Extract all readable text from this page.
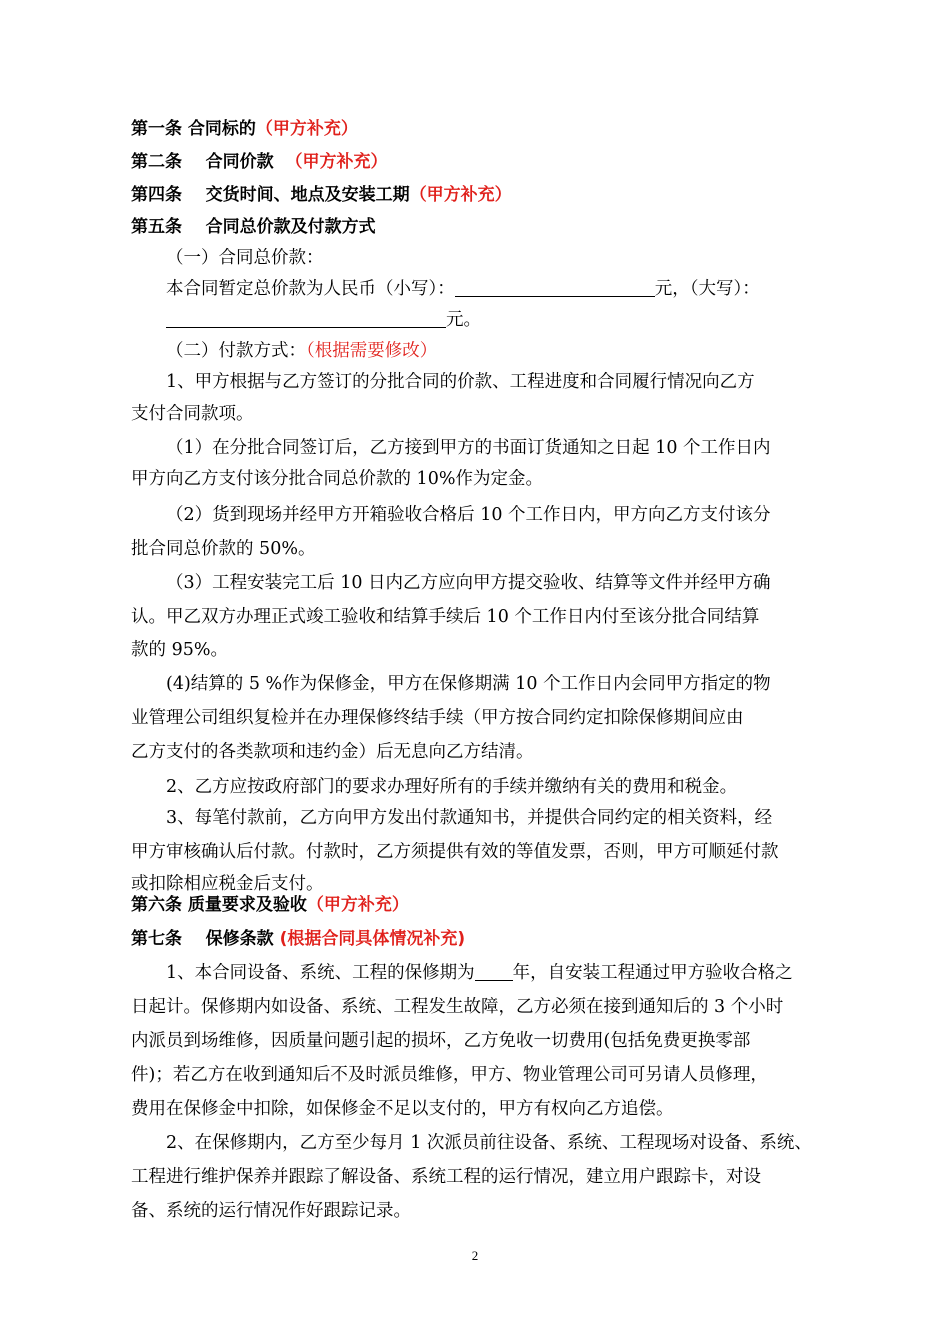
第一条 合同标的（甲方补充）
第二条    合同价款  （甲方补充）
第四条    交货时间、地点及安装工期（甲方补充）
第五条    合同总价款及付款方式
（一）合同总价款：
本合同暂定总价款为人民币（小写）：	元，（大写）：
元。
（二）付款方式：（根据需要修改）
1、甲方根据与乙方签订的分批合同的价款、工程进度和合同履行情况向乙方
支付合同款项。
（1）在分批合同签订后，乙方接到甲方的书面订货通知之日起 10 个工作日内
甲方向乙方支付该分批合同总价款的 10%作为定金。
（2）货到现场并经甲方开箱验收合格后 10 个工作日内，甲方向乙方支付该分
批合同总价款的 50%。
（3）工程安装完工后 10 日内乙方应向甲方提交验收、结算等文件并经甲方确
认。甲乙双方办理正式竣工验收和结算手续后 10 个工作日内付至该分批合同结算
款的 95%。
(4)结算的 5 %作为保修金，甲方在保修期满 10 个工作日内会同甲方指定的物
业管理公司组织复检并在办理保修终结手续（甲方按合同约定扣除保修期间应由
乙方支付的各类款项和违约金）后无息向乙方结清。
2、乙方应按政府部门的要求办理好所有的手续并缴纳有关的费用和税金。
3、每笔付款前，乙方向甲方发出付款通知书，并提供合同约定的相关资料，经
甲方审核确认后付款。付款时，乙方须提供有效的等值发票，否则，甲方可顺延付款
或扣除相应税金后支付。
第六条 质量要求及验收（甲方补充）
第七条    保修条款 (根据合同具体情况补充)
1、本合同设备、系统、工程的保修期为 年，自安装工程通过甲方验收合格之
日起计。保修期内如设备、系统、工程发生故障，乙方必须在接到通知后的 3 个小时
内派员到场维修，因质量问题引起的损坏，乙方免收一切费用(包括免费更换零部
件)；若乙方在收到通知后不及时派员维修，甲方、物业管理公司可另请人员修理，
费用在保修金中扣除，如保修金不足以支付的，甲方有权向乙方追偿。
2、在保修期内，乙方至少每月 1 次派员前往设备、系统、工程现场对设备、系统、
工程进行维护保养并跟踪了解设备、系统工程的运行情况，建立用户跟踪卡，对设
备、系统的运行情况作好跟踪记录。
2
